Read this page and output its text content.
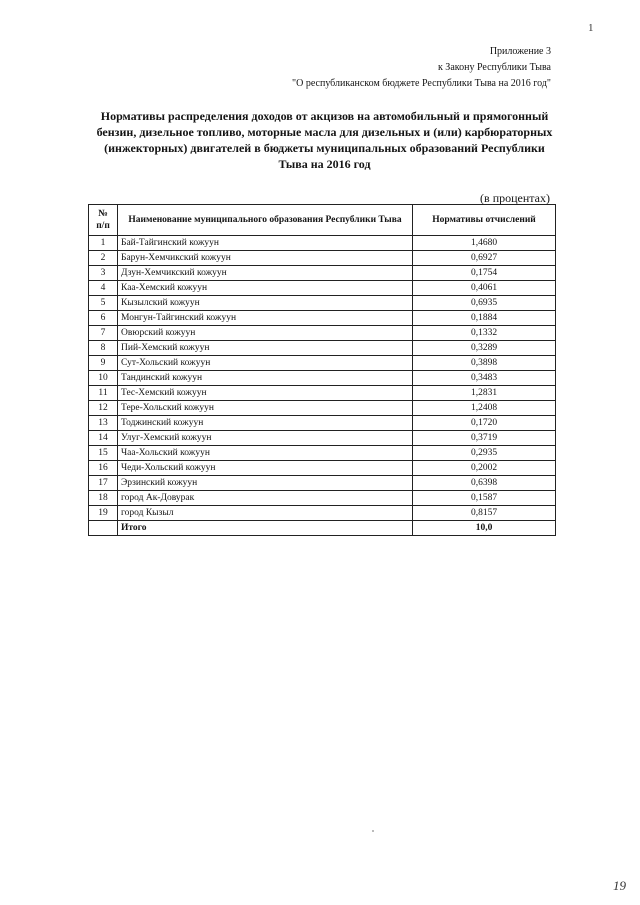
1
Приложение 3
к Закону Республики Тыва
"О республиканском бюджете Республики Тыва на 2016 год"
Нормативы распределения доходов от акцизов на автомобильный и прямогонный бензин, дизельное топливо, моторные масла для дизельных и (или) карбюраторных (инжекторных) двигателей в бюджеты муниципальных образований Республики Тыва на 2016 год
(в процентах)
№
п/п	Наименование муниципального образования Республики Тыва	Нормативы отчислений
1	Бай-Тайгинский кожуун	1,4680
2	Барун-Хемчикский кожуун	0,6927
3	Дзун-Хемчикский кожуун	0,1754
4	Каа-Хемский кожуун	0,4061
5	Кызылский кожуун	0,6935
6	Монгун-Тайгинский кожуун	0,1884
7	Овюрский кожуун	0,1332
8	Пий-Хемский кожуун	0,3289
9	Сут-Хольский кожуун	0,3898
10	Тандинский кожуун	0,3483
11	Тес-Хемский кожуун	1,2831
12	Тере-Хольский кожуун	1,2408
13	Тоджинский кожуун	0,1720
14	Улуг-Хемский кожуун	0,3719
15	Чаа-Хольский кожуун	0,2935
16	Чеди-Хольский кожуун	0,2002
17	Эрзинский кожуун	0,6398
18	город Ак-Довурак	0,1587
19	город Кызыл	0,8157
	Итого	10,0
19
